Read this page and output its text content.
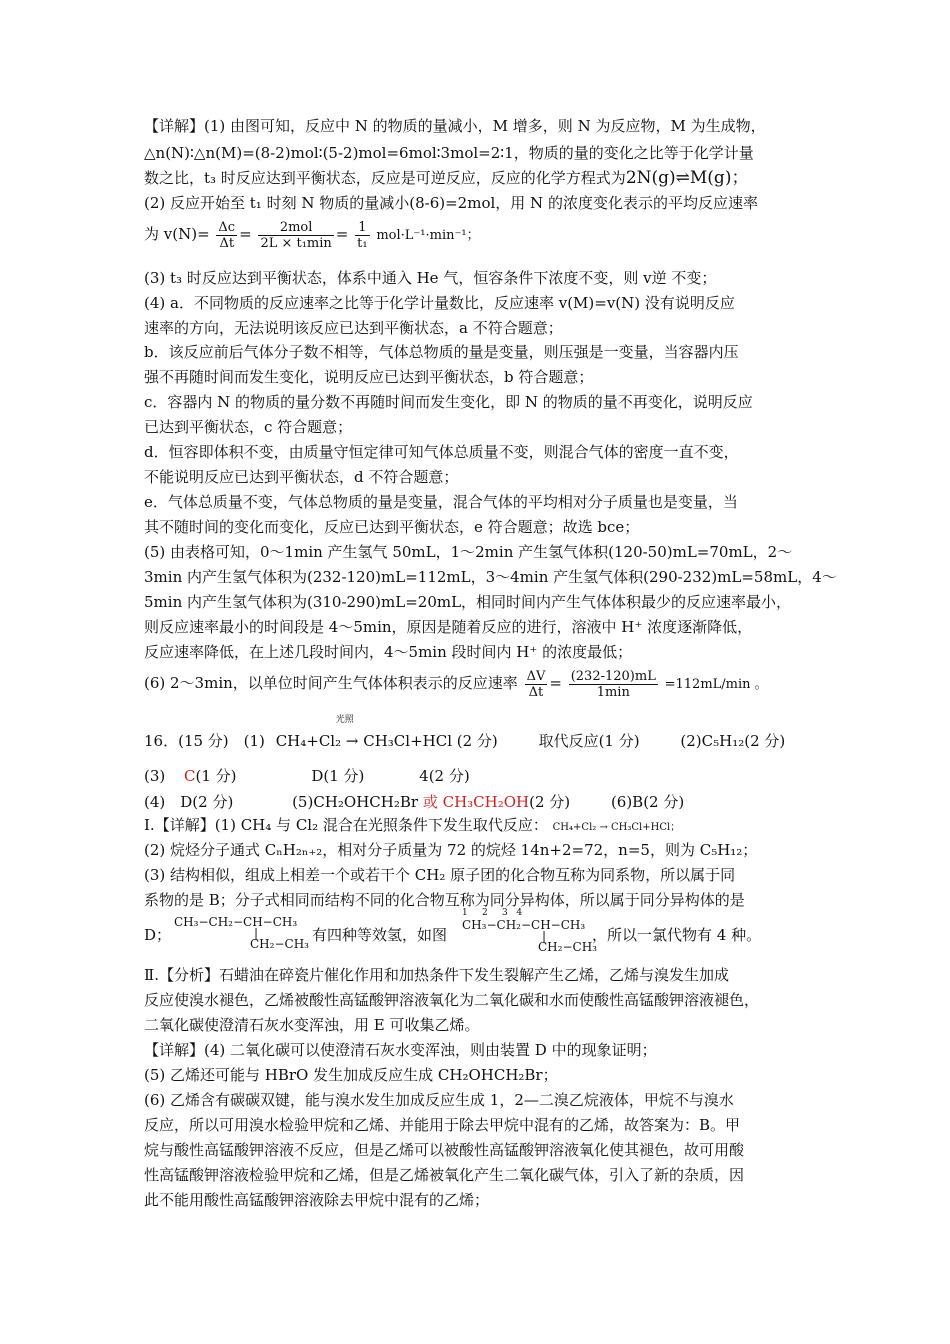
【详解】(1) 由图可知，反应中 N 的物质的量减小，M 增多，则 N 为反应物，M 为生成物，
△n(N)∶△n(M)=(8-2)mol∶(5-2)mol=6mol∶3mol=2∶1，物质的量的变化之比等于化学计量
数之比，t₃ 时反应达到平衡状态，反应是可逆反应，反应的化学方程式为2N(g)⇌M(g)；
(2) 反应开始至 t₁ 时刻 N 物质的量减小(8-6)=2mol，用 N 的浓度变化表示的平均反应速率
为 $v(N)= \frac{\Delta c}{\Delta t} = \frac{\text{2mol}}{\text{2L × t₁min}} = \frac{1}{\text{t₁}} mol\cdot L^{-1}\cdot\min^{-1}$；
(3) t₃ 时反应达到平衡状态，体系中通入 He 气，恒容条件下浓度不变，则 v逆 不变；
(4) a．不同物质的反应速率之比等于化学计量数比，反应速率 v(M)=v(N) 没有说明反应
速率的方向，无法说明该反应已达到平衡状态，a 不符合题意；
b．该反应前后气体分子数不相等，气体总物质的量是变量，则压强是一变量，当容器内压
强不再随时间而发生变化，说明反应已达到平衡状态，b 符合题意；
c．容器内 N 的物质的量分数不再随时间而发生变化，即 N 的物质的量不再变化，说明反应
已达到平衡状态，c 符合题意；
d．恒容即体积不变，由质量守恒定律可知气体总质量不变，则混合气体的密度一直不变，
不能说明反应已达到平衡状态，d 不符合题意；
e．气体总质量不变，气体总物质的量是变量，混合气体的平均相对分子质量也是变量，当
其不随时间的变化而变化，反应已达到平衡状态，e 符合题意；故选 bce；
(5) 由表格可知，0～1min 产生氢气 50mL，1～2min 产生氢气体积(120-50)mL=70mL，2～
3min 内产生氢气体积为(232-120)mL=112mL，3～4min 产生氢气体积(290-232)mL=58mL，4～
5min 内产生氢气体积为(310-290)mL=20mL，相同时间内产生气体体积最少的反应速率最小，
则反应速率最小的时间段是 4～5min，原因是随着反应的进行，溶液中 H⁺ 浓度逐渐降低，
反应速率降低，在上述几段时间内，4～5min 段时间内 H⁺ 的浓度最低；
(6) 2～3min，以单位时间产生气体体积表示的反应速率 $\frac{\Delta V}{\Delta t} = \frac{(232-120)mL}{1\min} =112mL/\min$ 。
16．(15 分)　(1)
光照
CH₄+Cl₂ → CH₃Cl+HCl (2 分)	取代反应(1 分)	(2)C₅H₁₂(2 分)
(3) C(1 分)	D(1 分)	4(2 分)
(4)　D(2 分)	(5)CH₂OHCH₂Br 或 CH₃CH₂OH(2 分)	(6)B(2 分)
Ⅰ.【详解】(1) CH₄ 与 Cl₂ 混合在光照条件下发生取代反应： CH₄+Cl₂ → CH₃Cl+HCl；
(2) 烷烃分子通式 CₙH₂ₙ₊₂，相对分子质量为 72 的烷烃 14n+2=72，n=5，则为 C₅H₁₂；
(3) 结构相似，组成上相差一个或若干个 CH₂ 原子团的化合物互称为同系物，所以属于同
系物的是 B；分子式相同而结构不同的化合物互称为同分异构体，所以属于同分异构体的是
D；
CH₃−CH₂−CH−CH₃
|
CH₂−CH₃ 有四种等效氢，如图
1     2     3   4
CH₃−CH₂−CH−CH₃
|
CH₂−CH₃
，所以一氯代物有 4 种。
Ⅱ.【分析】石蜡油在碎瓷片催化作用和加热条件下发生裂解产生乙烯，乙烯与溴发生加成
反应使溴水褪色，乙烯被酸性高锰酸钾溶液氧化为二氧化碳和水而使酸性高锰酸钾溶液褪色，
二氧化碳使澄清石灰水变浑浊，用 E 可收集乙烯。
【详解】(4) 二氧化碳可以使澄清石灰水变浑浊，则由装置 D 中的现象证明；
(5) 乙烯还可能与 HBrO 发生加成反应生成 CH₂OHCH₂Br；
(6) 乙烯含有碳碳双键，能与溴水发生加成反应生成 1，2—二溴乙烷液体，甲烷不与溴水
反应，所以可用溴水检验甲烷和乙烯、并能用于除去甲烷中混有的乙烯，故答案为：B。甲
烷与酸性高锰酸钾溶液不反应，但是乙烯可以被酸性高锰酸钾溶液氧化使其褪色，故可用酸
性高锰酸钾溶液检验甲烷和乙烯，但是乙烯被氧化产生二氧化碳气体，引入了新的杂质，因
此不能用酸性高锰酸钾溶液除去甲烷中混有的乙烯；
